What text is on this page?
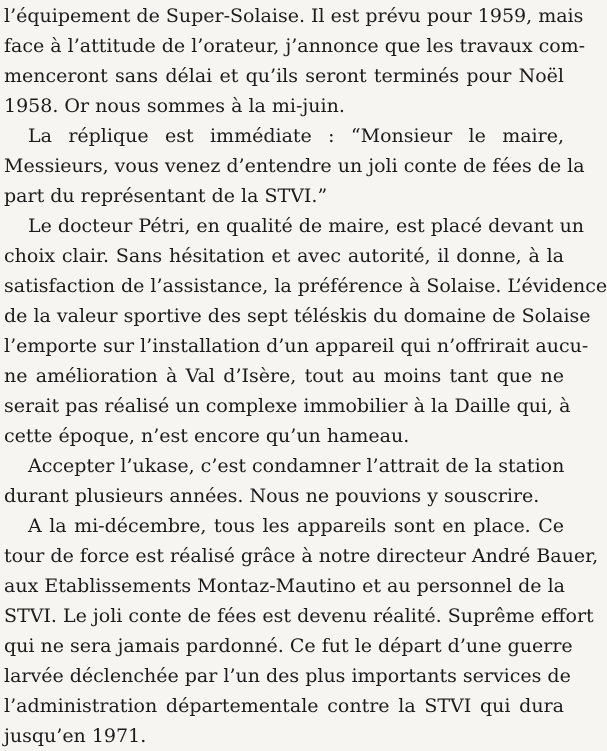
l’équipement de Super-Solaise. Il est prévu pour 1959, mais
face à l’attitude de l’orateur, j’annonce que les travaux com-
menceront sans délai et qu’ils seront terminés pour Noël
1958. Or nous sommes à la mi-juin.
La réplique est immédiate : “Monsieur le maire,
Messieurs, vous venez d’entendre un joli conte de fées de la
part du représentant de la STVI.”
Le docteur Pétri, en qualité de maire, est placé devant un
choix clair. Sans hésitation et avec autorité, il donne, à la
satisfaction de l’assistance, la préférence à Solaise. L’évidence
de la valeur sportive des sept téléskis du domaine de Solaise
l’emporte sur l’installation d’un appareil qui n’offrirait aucu-
ne amélioration à Val d’Isère, tout au moins tant que ne
serait pas réalisé un complexe immobilier à la Daille qui, à
cette époque, n’est encore qu’un hameau.
Accepter l’ukase, c’est condamner l’attrait de la station
durant plusieurs années. Nous ne pouvions y souscrire.
A la mi-décembre, tous les appareils sont en place. Ce
tour de force est réalisé grâce à notre directeur André Bauer,
aux Etablissements Montaz-Mautino et au personnel de la
STVI. Le joli conte de fées est devenu réalité. Suprême effort
qui ne sera jamais pardonné. Ce fut le départ d’une guerre
larvée déclenchée par l’un des plus importants services de
l’administration départementale contre la STVI qui dura
jusqu’en 1971.
